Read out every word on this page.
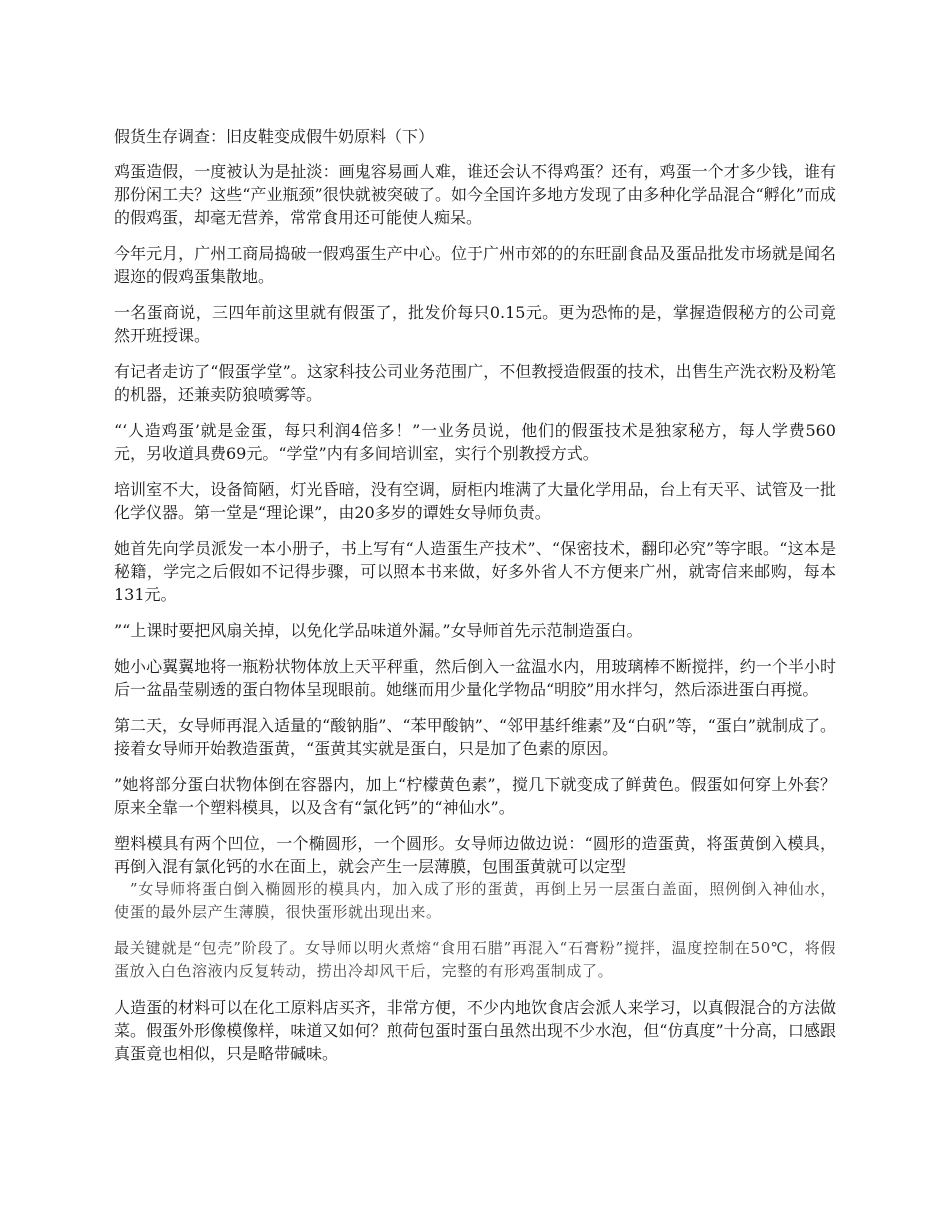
假货生存调查：旧皮鞋变成假牛奶原料（下）

鸡蛋造假，一度被认为是扯淡：画鬼容易画人难，谁还会认不得鸡蛋？还有，鸡蛋一个才多少钱，谁有那份闲工夫？这些“产业瓶颈”很快就被突破了。如今全国许多地方发现了由多种化学品混合“孵化”而成的假鸡蛋，却毫无营养，常常食用还可能使人痴呆。

今年元月，广州工商局捣破一假鸡蛋生产中心。位于广州市郊的的东旺副食品及蛋品批发市场就是闻名遐迩的假鸡蛋集散地。

一名蛋商说，三四年前这里就有假蛋了，批发价每只0.15元。更为恐怖的是，掌握造假秘方的公司竟然开班授课。

有记者走访了“假蛋学堂”。这家科技公司业务范围广，不但教授造假蛋的技术，出售生产洗衣粉及粉笔的机器，还兼卖防狼喷雾等。

“‘人造鸡蛋’就是金蛋，每只利润4倍多！”一业务员说，他们的假蛋技术是独家秘方，每人学费560元，另收道具费69元。“学堂”内有多间培训室，实行个别教授方式。

培训室不大，设备简陋，灯光昏暗，没有空调，厨柜内堆满了大量化学用品，台上有天平、试管及一批化学仪器。第一堂是“理论课”，由20多岁的谭姓女导师负责。

她首先向学员派发一本小册子，书上写有“人造蛋生产技术”、“保密技术，翻印必究”等字眼。“这本是秘籍，学完之后假如不记得步骤，可以照本书来做，好多外省人不方便来广州，就寄信来邮购，每本131元。

”“上课时要把风扇关掉，以免化学品味道外漏。”女导师首先示范制造蛋白。

她小心翼翼地将一瓶粉状物体放上天平秤重，然后倒入一盆温水内，用玻璃棒不断搅拌，约一个半小时后一盆晶莹剔透的蛋白物体呈现眼前。她继而用少量化学物品“明胶”用水拌匀，然后添进蛋白再搅。

第二天，女导师再混入适量的“酸钠脂”、“苯甲酸钠”、“邻甲基纤维素”及“白矾”等，“蛋白”就制成了。接着女导师开始教造蛋黄，“蛋黄其实就是蛋白，只是加了色素的原因。

”她将部分蛋白状物体倒在容器内，加上“柠檬黄色素”，搅几下就变成了鲜黄色。假蛋如何穿上外套？原来全靠一个塑料模具，以及含有“氯化钙”的“神仙水”。

塑料模具有两个凹位，一个椭圆形，一个圆形。女导师边做边说：“圆形的造蛋黄，将蛋黄倒入模具，再倒入混有氯化钙的水在面上，就会产生一层薄膜，包围蛋黄就可以定型

　”女导师将蛋白倒入椭圆形的模具内，加入成了形的蛋黄，再倒上另一层蛋白盖面，照例倒入神仙水，使蛋的最外层产生薄膜，很快蛋形就出现出来。

最关键就是“包壳”阶段了。女导师以明火煮熔“食用石腊”再混入“石膏粉”搅拌，温度控制在50℃，将假蛋放入白色溶液内反复转动，捞出冷却风干后，完整的有形鸡蛋制成了。

人造蛋的材料可以在化工原料店买齐，非常方便，不少内地饮食店会派人来学习，以真假混合的方法做菜。假蛋外形像模像样，味道又如何？煎荷包蛋时蛋白虽然出现不少水泡，但“仿真度”十分高，口感跟真蛋竟也相似，只是略带碱味。
